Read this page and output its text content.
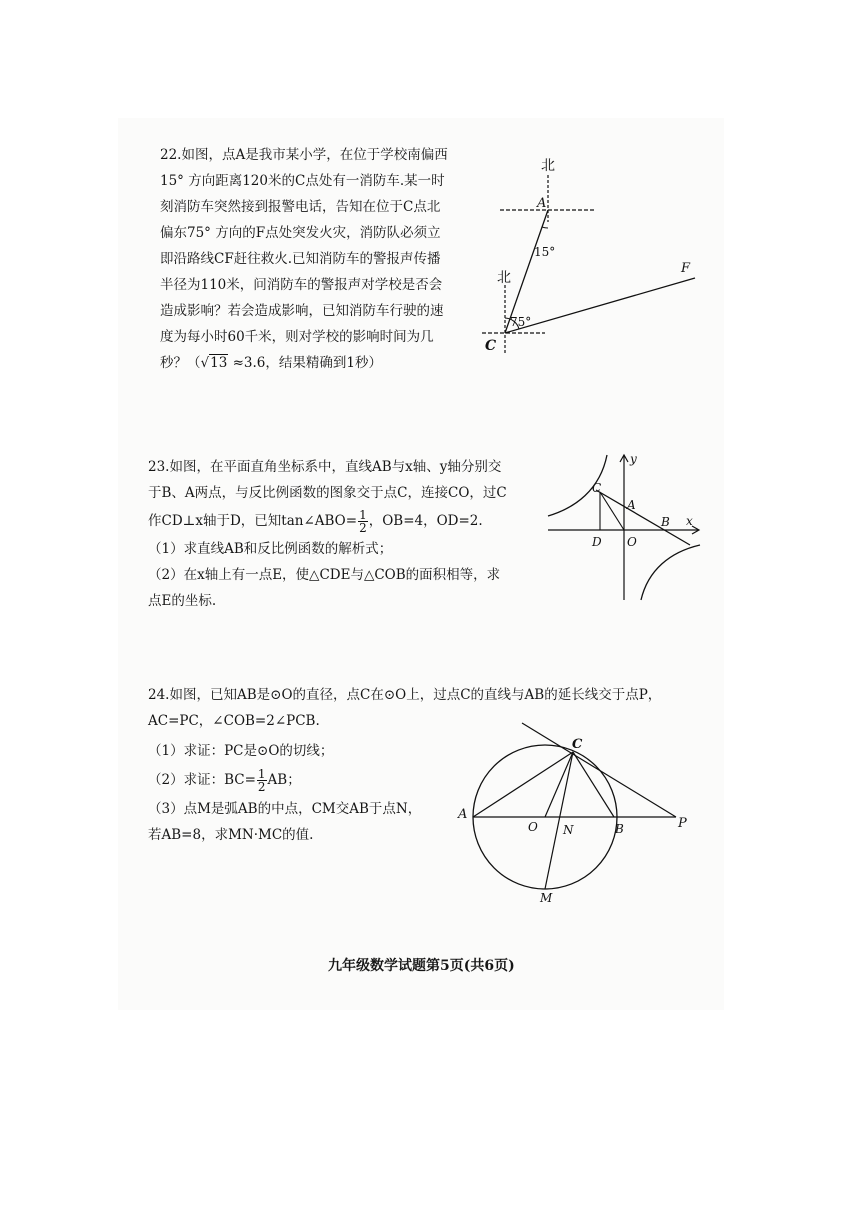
22.如图，点A是我市某小学，在位于学校南偏西
15° 方向距离120米的C点处有一消防车.某一时
刻消防车突然接到报警电话，告知在位于C点北
偏东75° 方向的F点处突发火灾，消防队必须立
即沿路线CF赶往救火.已知消防车的警报声传播
半径为110米，问消防车的警报声对学校是否会
造成影响？若会造成影响，已知消防车行驶的速
度为每小时60千米，则对学校的影响时间为几
秒？（√13 ≈3.6，结果精确到1秒）
北
A
15°
北
F
75°
C
23.如图，在平面直角坐标系中，直线AB与x轴、y轴分别交
于B、A两点，与反比例函数的图象交于点C，连接CO，过C
作CD⊥x轴于D，已知tan∠ABO= $\frac{1}{2}$ ，OB=4，OD=2.
（1）求直线AB和反比例函数的解析式；
（2）在x轴上有一点E，使△CDE与△COB的面积相等，求
点E的坐标.
y
C
A
B x
D O
24.如图，已知AB是⊙O的直径，点C在⊙O上，过点C的直线与AB的延长线交于点P，
AC=PC，∠COB=2∠PCB.
（1）求证：PC是⊙O的切线；
（2）求证：$BC= \frac{1}{2}$ AB；
（3）点M是弧AB的中点，CM交AB于点N，
若AB=8，求MN·MC的值.
C
A
O N	B	P
M
九年级数学试题第5页(共6页)
